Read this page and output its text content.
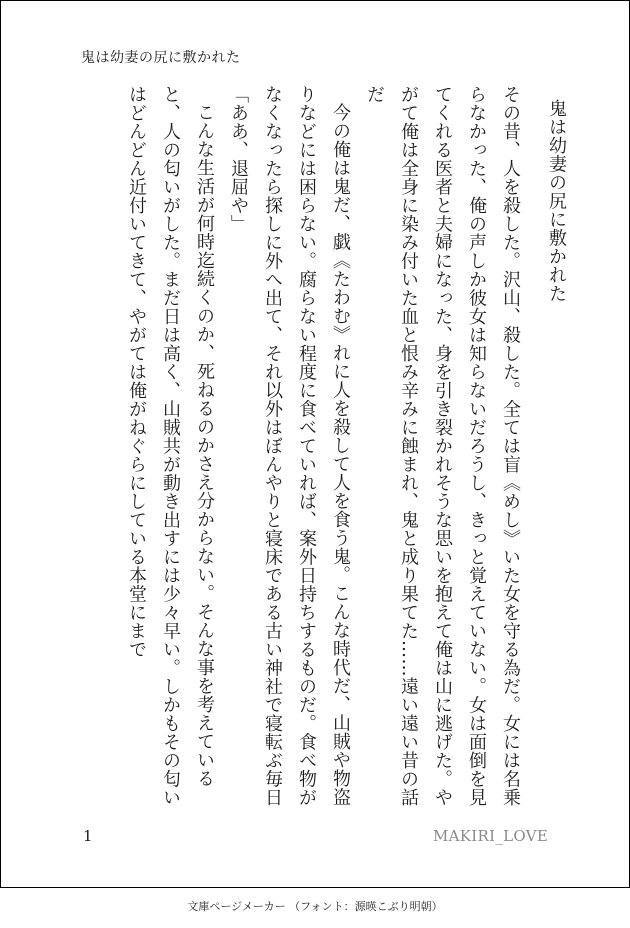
鬼は幼妻の尻に敷かれた
鬼は幼妻の尻に敷かれた
その昔、人を殺した。沢山、殺した。全ては盲《めし》いた女を守る為だ。女には名乗らなかった、俺の声しか彼女は知らないだろうし、きっと覚えていない。女は面倒を見てくれる医者と夫婦になった、身を引き裂かれそうな思いを抱えて俺は山に逃げた。やがて俺は全身に染み付いた血と恨み辛みに蝕まれ、鬼と成り果てた……遠い遠い昔の話だ
今の俺は鬼だ、戯《たわむ》れに人を殺して人を食う鬼。こんな時代だ、山賊や物盗りなどには困らない。腐らない程度に食べていれば、案外日持ちするものだ。食べ物がなくなったら探しに外へ出て、それ以外はぼんやりと寝床である古い神社で寝転ぶ毎日
「ああ、退屈や」
こんな生活が何時迄続くのか、死ねるのかさえ分からない。そんな事を考えていると、人の匂いがした。まだ日は高く、山賊共が動き出すには少々早い。しかもその匂いはどんどん近付いてきて、やがては俺がねぐらにしている本堂にまで
1	MAKIRI_LOVE
文庫ページメーカー （フォント：源暎こぶり明朝）
